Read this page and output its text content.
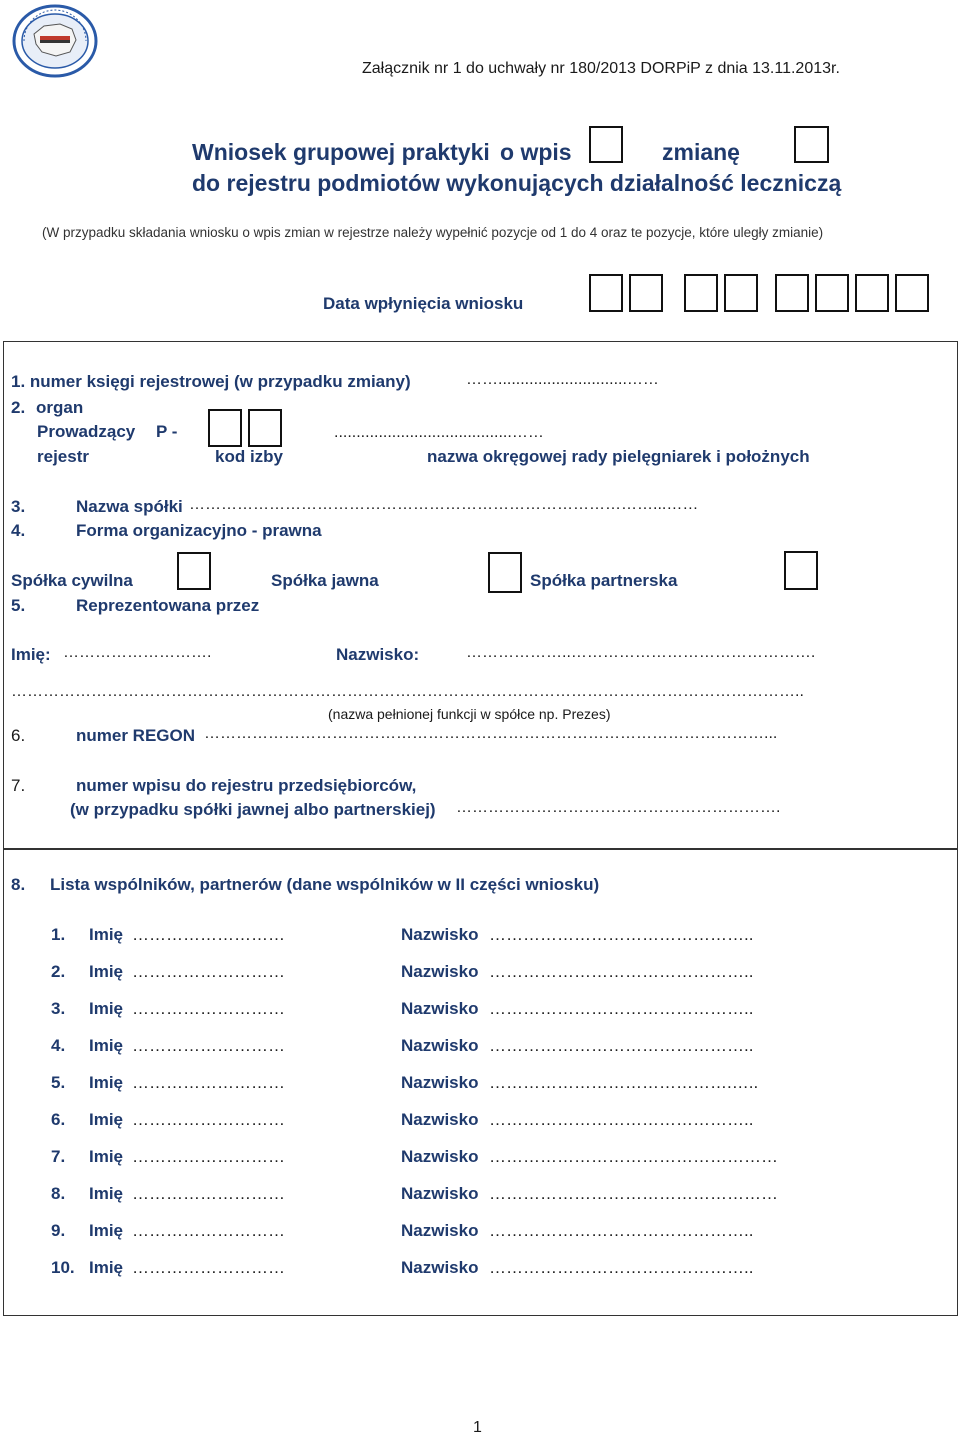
Załącznik nr 1 do uchwały nr 180/2013 DORPiP z dnia 13.11.2013r.
Wniosek grupowej praktyki o wpis	zmianę
do rejestru podmiotów wykonujących działalność leczniczą
(W przypadku składania wniosku o wpis zmian w rejestrze należy wypełnić pozycje od 1 do 4 oraz te pozycje, które uległy zmianie)
Data wpłynięcia wniosku
1. numer księgi rejestrowej (w przypadku zmiany)	…….............................……
2. organ
Prowadzący P -	........................................……
rejestr	kod izby	nazwa okręgowej rady pielęgniarek i położnych
3.	Nazwa spółki ……………………………………………………………………………...……
4.	Forma organizacyjno - prawna
Spółka cywilna	Spółka jawna	Spółka partnerska
5.	Reprezentowana przez
Imię: ……………………….	Nazwisko:	………………..……………………………………….
…………………………………………………………………………………………………………………………………..
(nazwa pełnionej funkcji w spółce np. Prezes)
6.	numer REGON ……………………………………………………………………………………………...
7.	numer wpisu do rejestru przedsiębiorców,
(w przypadku spółki jawnej albo partnerskiej) …………………………………………………….
8. Lista wspólników, partnerów (dane wspólników w II części wniosku)
1. Imię ………………………	Nazwisko ………………………………………..
2. Imię ………………………	Nazwisko ………………………………………..
3. Imię ………………………	Nazwisko ………………………………………..
4. Imię ………………………	Nazwisko ………………………………………..
5. Imię ………………………	Nazwisko …………………………………….…..
6. Imię ………………………	Nazwisko ………………………………………..
7. Imię ………………………	Nazwisko ……………………………………………
8. Imię ………………………	Nazwisko ……………………………………………
9. Imię ………………………	Nazwisko ………………………………………..
10. Imię ………………………	Nazwisko ………………………………………..
1
